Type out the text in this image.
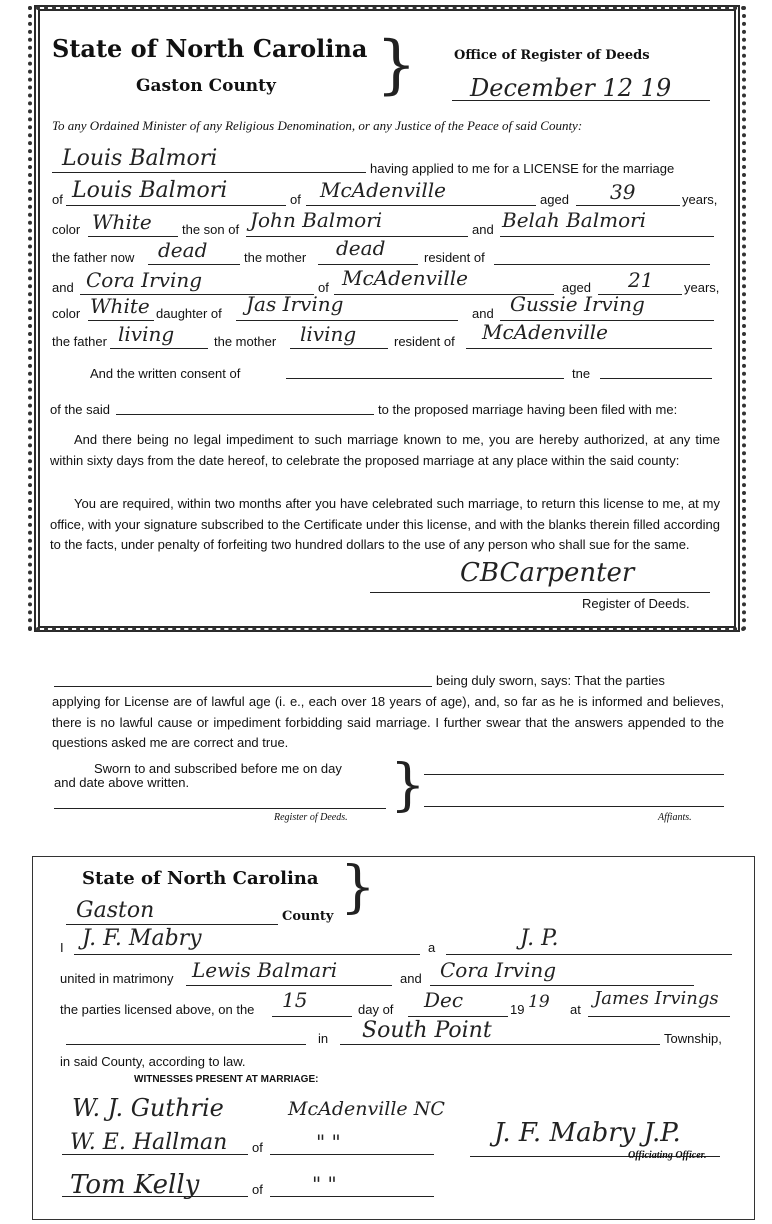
State of North Carolina
Gaston County }	Office of Register of Deeds
December 12 19
To any Ordained Minister of any Religious Denomination, or any Justice of the Peace of said County:
Louis Balmori	having applied to me for a LICENSE for the marriage
of Louis Balmori	of McAdenville	aged 39	years,
color White the son of John Balmori	and Belah Balmori
the father now dead	the mother dead	resident of
and Cora Irving	of McAdenville	aged 21 years,
color White daughter of Jas Irving	and Gussie Irving
the father living	the mother living	resident of McAdenville
And the written consent of	tne
of the said	to the proposed marriage having been filed with me:
And there being no legal impediment to such marriage known to me, you are hereby authorized, at any time within sixty days from the date hereof, to celebrate the proposed marriage at any place within the said county:
You are required, within two months after you have celebrated such marriage, to return this license to me, at my office, with your signature subscribed to the Certificate under this license, and with the blanks therein filled according to the facts, under penalty of forfeiting two hundred dollars to the use of any person who shall sue for the same.
CBCarpenter
Register of Deeds.
being duly sworn, says: That the parties
applying for License are of lawful age (i. e., each over 18 years of age), and, so far as he is informed and believes, there is no lawful cause or impediment forbidding said marriage. I further swear that the answers appended to the questions asked me are correct and true.
Sworn to and subscribed before me on day
and date above written.	}
Register of Deeds.	Affiants.
State of North Carolina }
Gaston	County
I J. F. Mabry	a	J. P.
united in matrimony Lewis Balmari	and Cora Irving
the parties licensed above, on the 15	day of Dec	19 19 at
James Irvings
in South Point	Township,
in said County, according to law.
WITNESSES PRESENT AT MARRIAGE:
W. J. Guthrie	McAdenville NC
W. E. Hallman of	" "
Tom Kelly	of " "
J. F. Mabry J.P.
Officiating Officer.
